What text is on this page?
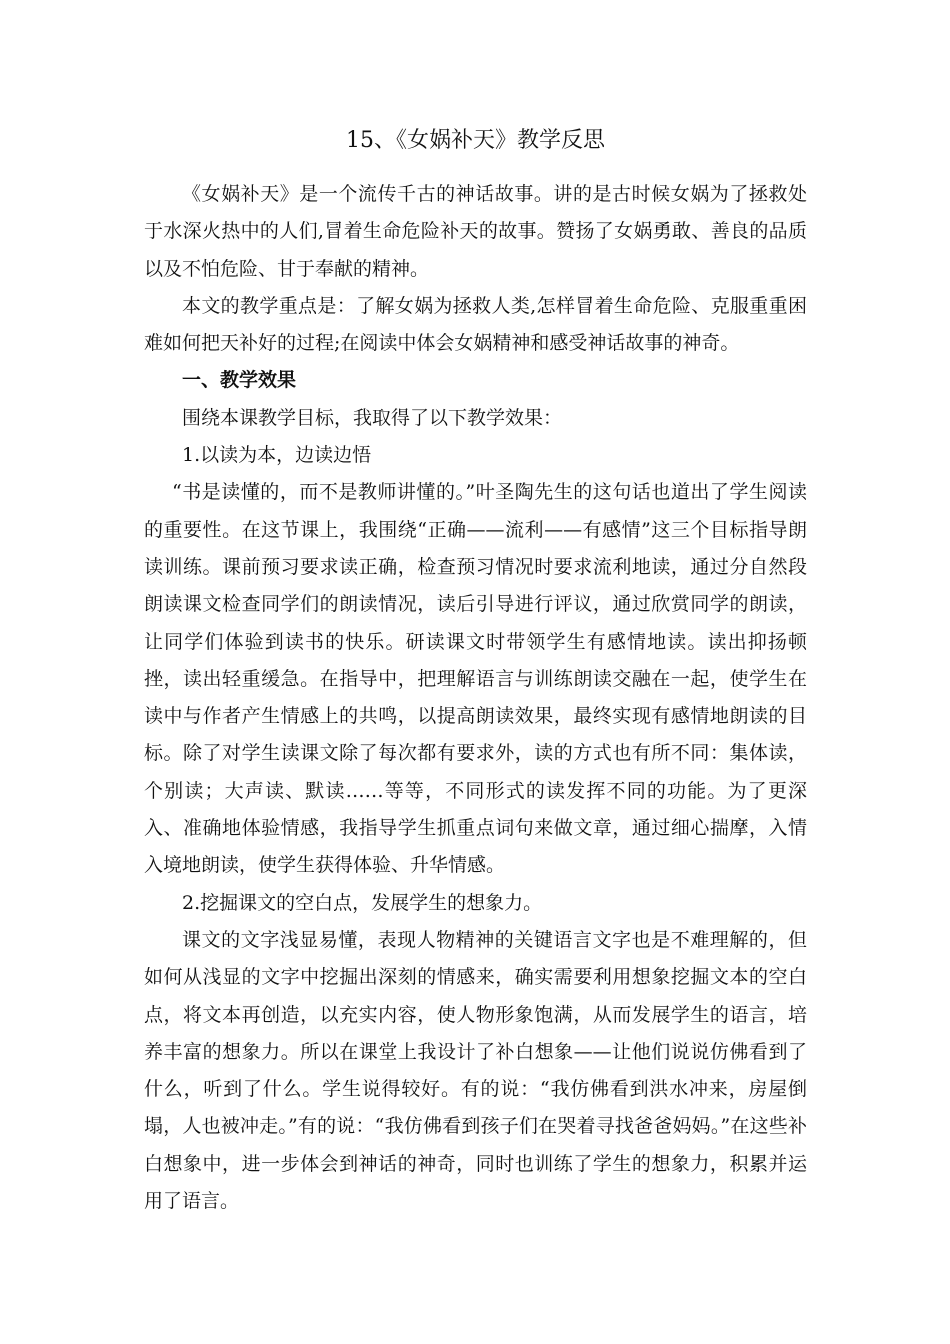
15、《女娲补天》教学反思

《女娲补天》是一个流传千古的神话故事。讲的是古时候女娲为了拯救处于水深火热中的人们,冒着生命危险补天的故事。赞扬了女娲勇敢、善良的品质以及不怕危险、甘于奉献的精神。

本文的教学重点是：了解女娲为拯救人类,怎样冒着生命危险、克服重重困难如何把天补好的过程;在阅读中体会女娲精神和感受神话故事的神奇。

一、教学效果

围绕本课教学目标，我取得了以下教学效果：

1.以读为本，边读边悟

“书是读懂的，而不是教师讲懂的。”叶圣陶先生的这句话也道出了学生阅读的重要性。在这节课上，我围绕“正确——流利——有感情”这三个目标指导朗读训练。课前预习要求读正确，检查预习情况时要求流利地读，通过分自然段朗读课文检查同学们的朗读情况，读后引导进行评议，通过欣赏同学的朗读，让同学们体验到读书的快乐。研读课文时带领学生有感情地读。读出抑扬顿挫，读出轻重缓急。在指导中，把理解语言与训练朗读交融在一起，使学生在读中与作者产生情感上的共鸣，以提高朗读效果，最终实现有感情地朗读的目标。除了对学生读课文除了每次都有要求外，读的方式也有所不同：集体读，个别读；大声读、默读……等等，不同形式的读发挥不同的功能。为了更深入、准确地体验情感，我指导学生抓重点词句来做文章，通过细心揣摩，入情入境地朗读，使学生获得体验、升华情感。

2.挖掘课文的空白点，发展学生的想象力。

课文的文字浅显易懂，表现人物精神的关键语言文字也是不难理解的，但如何从浅显的文字中挖掘出深刻的情感来，确实需要利用想象挖掘文本的空白点，将文本再创造，以充实内容，使人物形象饱满，从而发展学生的语言，培养丰富的想象力。所以在课堂上我设计了补白想象——让他们说说仿佛看到了什么，听到了什么。学生说得较好。有的说：“我仿佛看到洪水冲来，房屋倒塌，人也被冲走。”有的说：“我仿佛看到孩子们在哭着寻找爸爸妈妈。”在这些补白想象中，进一步体会到神话的神奇，同时也训练了学生的想象力，积累并运用了语言。
